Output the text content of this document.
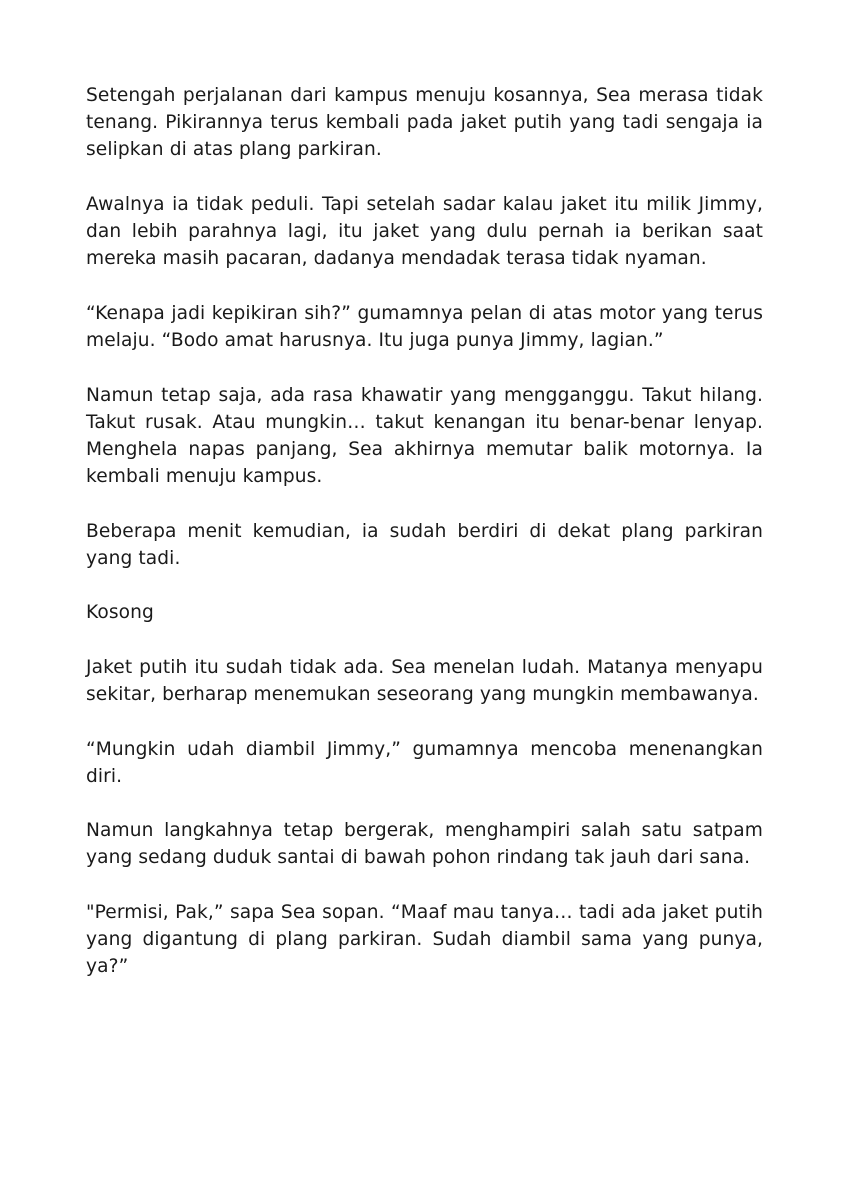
Setengah perjalanan dari kampus menuju kosannya, Sea merasa tidak tenang. Pikirannya terus kembali pada jaket putih yang tadi sengaja ia selipkan di atas plang parkiran.

Awalnya ia tidak peduli. Tapi setelah sadar kalau jaket itu milik Jimmy, dan lebih parahnya lagi, itu jaket yang dulu pernah ia berikan saat mereka masih pacaran, dadanya mendadak terasa tidak nyaman.

“Kenapa jadi kepikiran sih?” gumamnya pelan di atas motor yang terus melaju. “Bodo amat harusnya. Itu juga punya Jimmy, lagian.”

Namun tetap saja, ada rasa khawatir yang mengganggu. Takut hilang. Takut rusak. Atau mungkin… takut kenangan itu benar-benar lenyap. Menghela napas panjang, Sea akhirnya memutar balik motornya. Ia kembali menuju kampus.

Beberapa menit kemudian, ia sudah berdiri di dekat plang parkiran yang tadi.

Kosong

Jaket putih itu sudah tidak ada. Sea menelan ludah. Matanya menyapu sekitar, berharap menemukan seseorang yang mungkin membawanya.

“Mungkin udah diambil Jimmy,” gumamnya mencoba menenangkan diri.

Namun langkahnya tetap bergerak, menghampiri salah satu satpam yang sedang duduk santai di bawah pohon rindang tak jauh dari sana.

"Permisi, Pak,” sapa Sea sopan. “Maaf mau tanya… tadi ada jaket putih yang digantung di plang parkiran. Sudah diambil sama yang punya, ya?”
